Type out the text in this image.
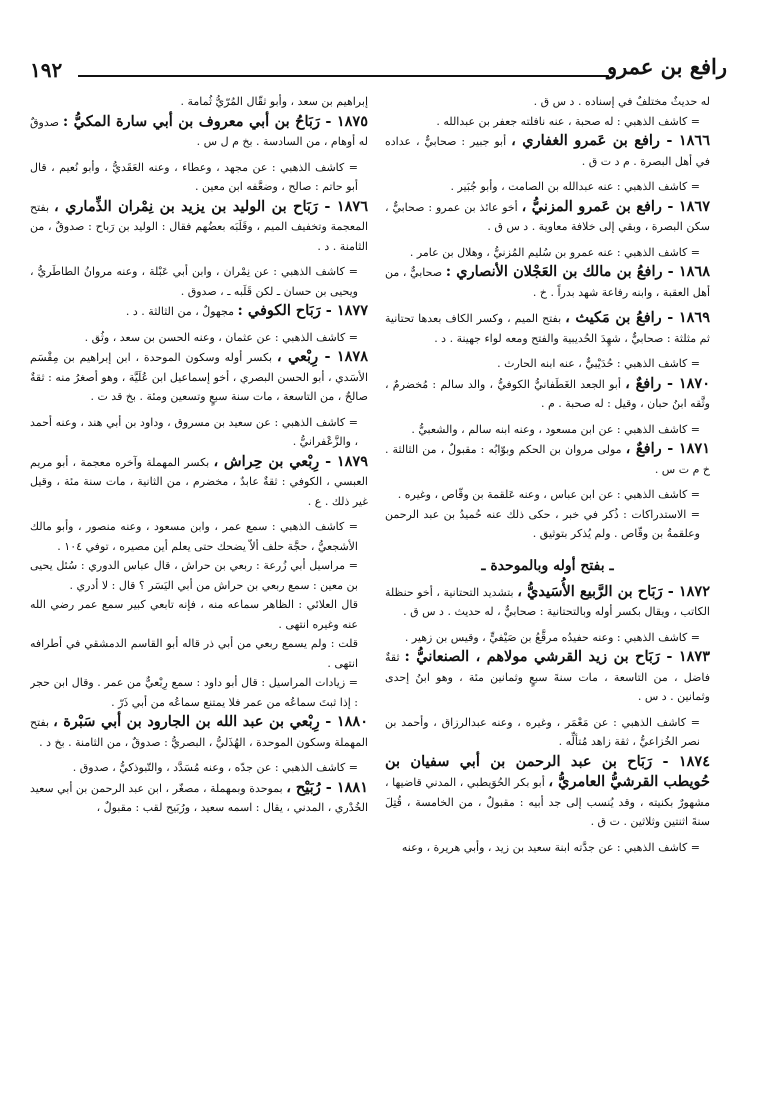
١٩٢	رافع بن عمرو

له حديثٌ مختلفٌ في إسناده . د س ق .

= كاشف الذهبي : له صحبة ، عنه نافلته جعفر بن عبدالله .

١٨٦٦ - رافع بن عَمرو الغفاري ، أبو جبير : صحابيٌّ ، عداده في أهل البصرة . م د ت ق .

= كاشف الذهبي : عنه عبدالله بن الصامت ، وأبو جُبَير .

١٨٦٧ - رافع بن عَمرو المزنيُّ ، أخو عائذ بن عمرو : صحابيٌّ ، سكن البصرة ، وبقي إلى خلافة معاوية . د س ق .

= كاشف الذهبي : عنه عمرو بن سُليم المُزنيُّ ، وهلال بن عامر .

١٨٦٨ - رافعُ بن مالك بن العَجْلان الأنصاري : صحابيٌّ ، من أهل العقبة ، وابنه رفاعة شهد بدراً . خ .

١٨٦٩ - رافعُ بن مَكيث ، بفتح الميم ، وكسر الكاف بعدها تحتانية ثم مثلثة : صحابيٌّ ، شهِدَ الحُديبية والفتح ومعه لواء جهينة . د .

= كاشف الذهبي : حُدَيْبيٌّ ، عنه ابنه الحارث .

١٨٧٠ - رافعٌ ، أبو الجعد الغَطَفانيُّ الكوفيُّ ، والد سالم : مُخضرمٌ ، وثَّقه ابنُ حبان ، وقيل : له صحبة . م .

= كاشف الذهبي : عن ابن مسعود ، وعنه ابنه سالم ، والشعبيُّ .

١٨٧١ - رافعٌ ، مولى مروان بن الحكم وبوّابُه : مقبولٌ ، من الثالثة . خ م ت س .

= كاشف الذهبي : عن ابن عباس ، وعنه عَلقمة بن وقّاص ، وغيره .

= الاستدراكات : ذُكر في خبر ، حكى ذلك عنه حُميدُ بن عبد الرحمن وعلقمةُ بن وقّاص . ولم يُذكر بتوثيق .

ـ بفتح أوله وبالموحدة ـ

١٨٧٢ - رَبَاح بن الرَّبيع الأُسَيديُّ ، بتشديد التحتانية ، أخو حنظلة الكاتب ، ويقال بكسر أوله وبالتحتانية : صحابيٌّ ، له حديث . د س ق .

= كاشف الذهبي : وعنه حفيدُه مرقَّعُ بن صَيْفيٍّ ، وقيس بن زهير .

١٨٧٣ - رَبَاح بن زيد القرشي مولاهم ، الصنعانيُّ : ثقةٌ فاضل ، من التاسعة ، مات سنةَ سبعٍ وثمانين مئة ، وهو ابنُ إحدى وثمانين . د س .

= كاشف الذهبي : عن مَعْمَر ، وغيره ، وعنه عبدالرزاق ، وأحمد بن نصر الخُزاعيُّ ، ثقة زاهد مُتألِّه .

١٨٧٤ - رَبَاح بن عبد الرحمن بن أبي سفيان بن حُويطب القرشيُّ العامريُّ ، أبو بكر الحُوَيطبي ، المدني قاضيها ، مشهورٌ بكنيته ، وقد يُنسب إلى جد أبيه : مقبولٌ ، من الخامسة ، قُتِلَ سنةَ اثنتين وثلاثين . ت ق .

= كاشف الذهبي : عن جدَّته ابنة سعيد بن زيد ، وأبي هريرة ، وعنه

إبراهيم بن سعد ، وأبو ثقّال المُرّيُّ ثُمامة .

١٨٧٥ - رَبَاحُ بن أبي معروف بن أبي سارة المكيُّ : صدوقٌ له أوهام ، من السادسة . بخ م ل س .

= كاشف الذهبي : عن مجهد ، وعطاء ، وعنه العَقَديُّ ، وأبو نُعيم ، قال أبو حاتم : صالح ، وضعَّفه ابن معين .

١٨٧٦ - رَبَاح بن الوليد بن يزيد بن نِمْران الذِّماري ، بفتح المعجمة وتخفيف الميم ، وقَلَبَه بعضُهم فقال : الوليد بن رَباح : صدوقٌ ، من الثامنة . د .

= كاشف الذهبي : عن نِمْران ، وابن أبي عَبْلة ، وعنه مروانُ الطاطَريُّ ، ويحيى بن حسان ـ لكن قَلَبه ـ ، صدوق .

١٨٧٧ - رَبَاح الكوفي : مجهولٌ ، من الثالثة . د .

= كاشف الذهبي : عن عثمان ، وعنه الحسن بن سعد ، وثُق .

١٨٧٨ - رِبْعي ، بكسر أوله وسكون الموحدة ، ابن إبراهيم بن مِقْسَم الأسَدي ، أبو الحسن البصري ، أخو إسماعيل ابن عُلَيَّة ، وهو أصغرُ منه : ثقةٌ صالحٌ ، من التاسعة ، مات سنة سبعٍ وتسعين ومئة . بخ قد ت .

= كاشف الذهبي : عن سعيد بن مسروق ، وداود بن أبي هند ، وعنه أحمد ، والزَّعْفرانيُّ .

١٨٧٩ - رِبْعي بن حِراش ، بكسر المهملة وآخره معجمة ، أبو مريم العبسي ، الكوفي : ثقةٌ عابدٌ ، مخضرم ، من الثانية ، مات سنة مئة ، وقيل غير ذلك . ع .

= كاشف الذهبي : سمع عمر ، وابن مسعود ، وعنه منصور ، وأبو مالك الأشجعيُّ ، حجَّة حلف ألاّ يضحك حتى يعلم أين مصيره ، توفي ١٠٤ .

= مراسيل أبي زُرعة : ربعي بن حراش ، قال عباس الدوري : سُئل يحيى بن معين : سمع ربعي بن حراش من أبي اليَسَر ؟ قال : لا أدري .

قال العلائي : الظاهر سماعه منه ، فإنه تابعي كبير سمع عمر رضي الله عنه وغيره انتهى .

قلت : ولم يسمع ربعي من أبي ذر قاله أبو القاسم الدمشقي في أطرافه انتهى .

= زيادات المراسيل : قال أبو داود : سمع رِبْعيٌّ من عمر . وقال ابن حجر : إذا ثبتَ سماعُه من عمر فلا يمتنع سماعُه من أبي ذَرّ .

١٨٨٠ - رِبْعي بن عبد الله بن الجارود بن أبي سَبْرة ، بفتح المهملة وسكون الموحدة ، الهُذَليُّ ، البصريُّ : صدوقٌ ، من الثامنة . بخ د .

= كاشف الذهبي : عن جدّه ، وعنه مُسَدَّد ، والتّبوذكيُّ ، صدوق .

١٨٨١ - رُبَيْح ، بموحدة وبمهملة ، مصغّر ، ابن عبد الرحمن بن أبي سعيد الخُدْري ، المدني ، يقال : اسمه سعيد ، ورُبَيح لقب : مقبولٌ ،
